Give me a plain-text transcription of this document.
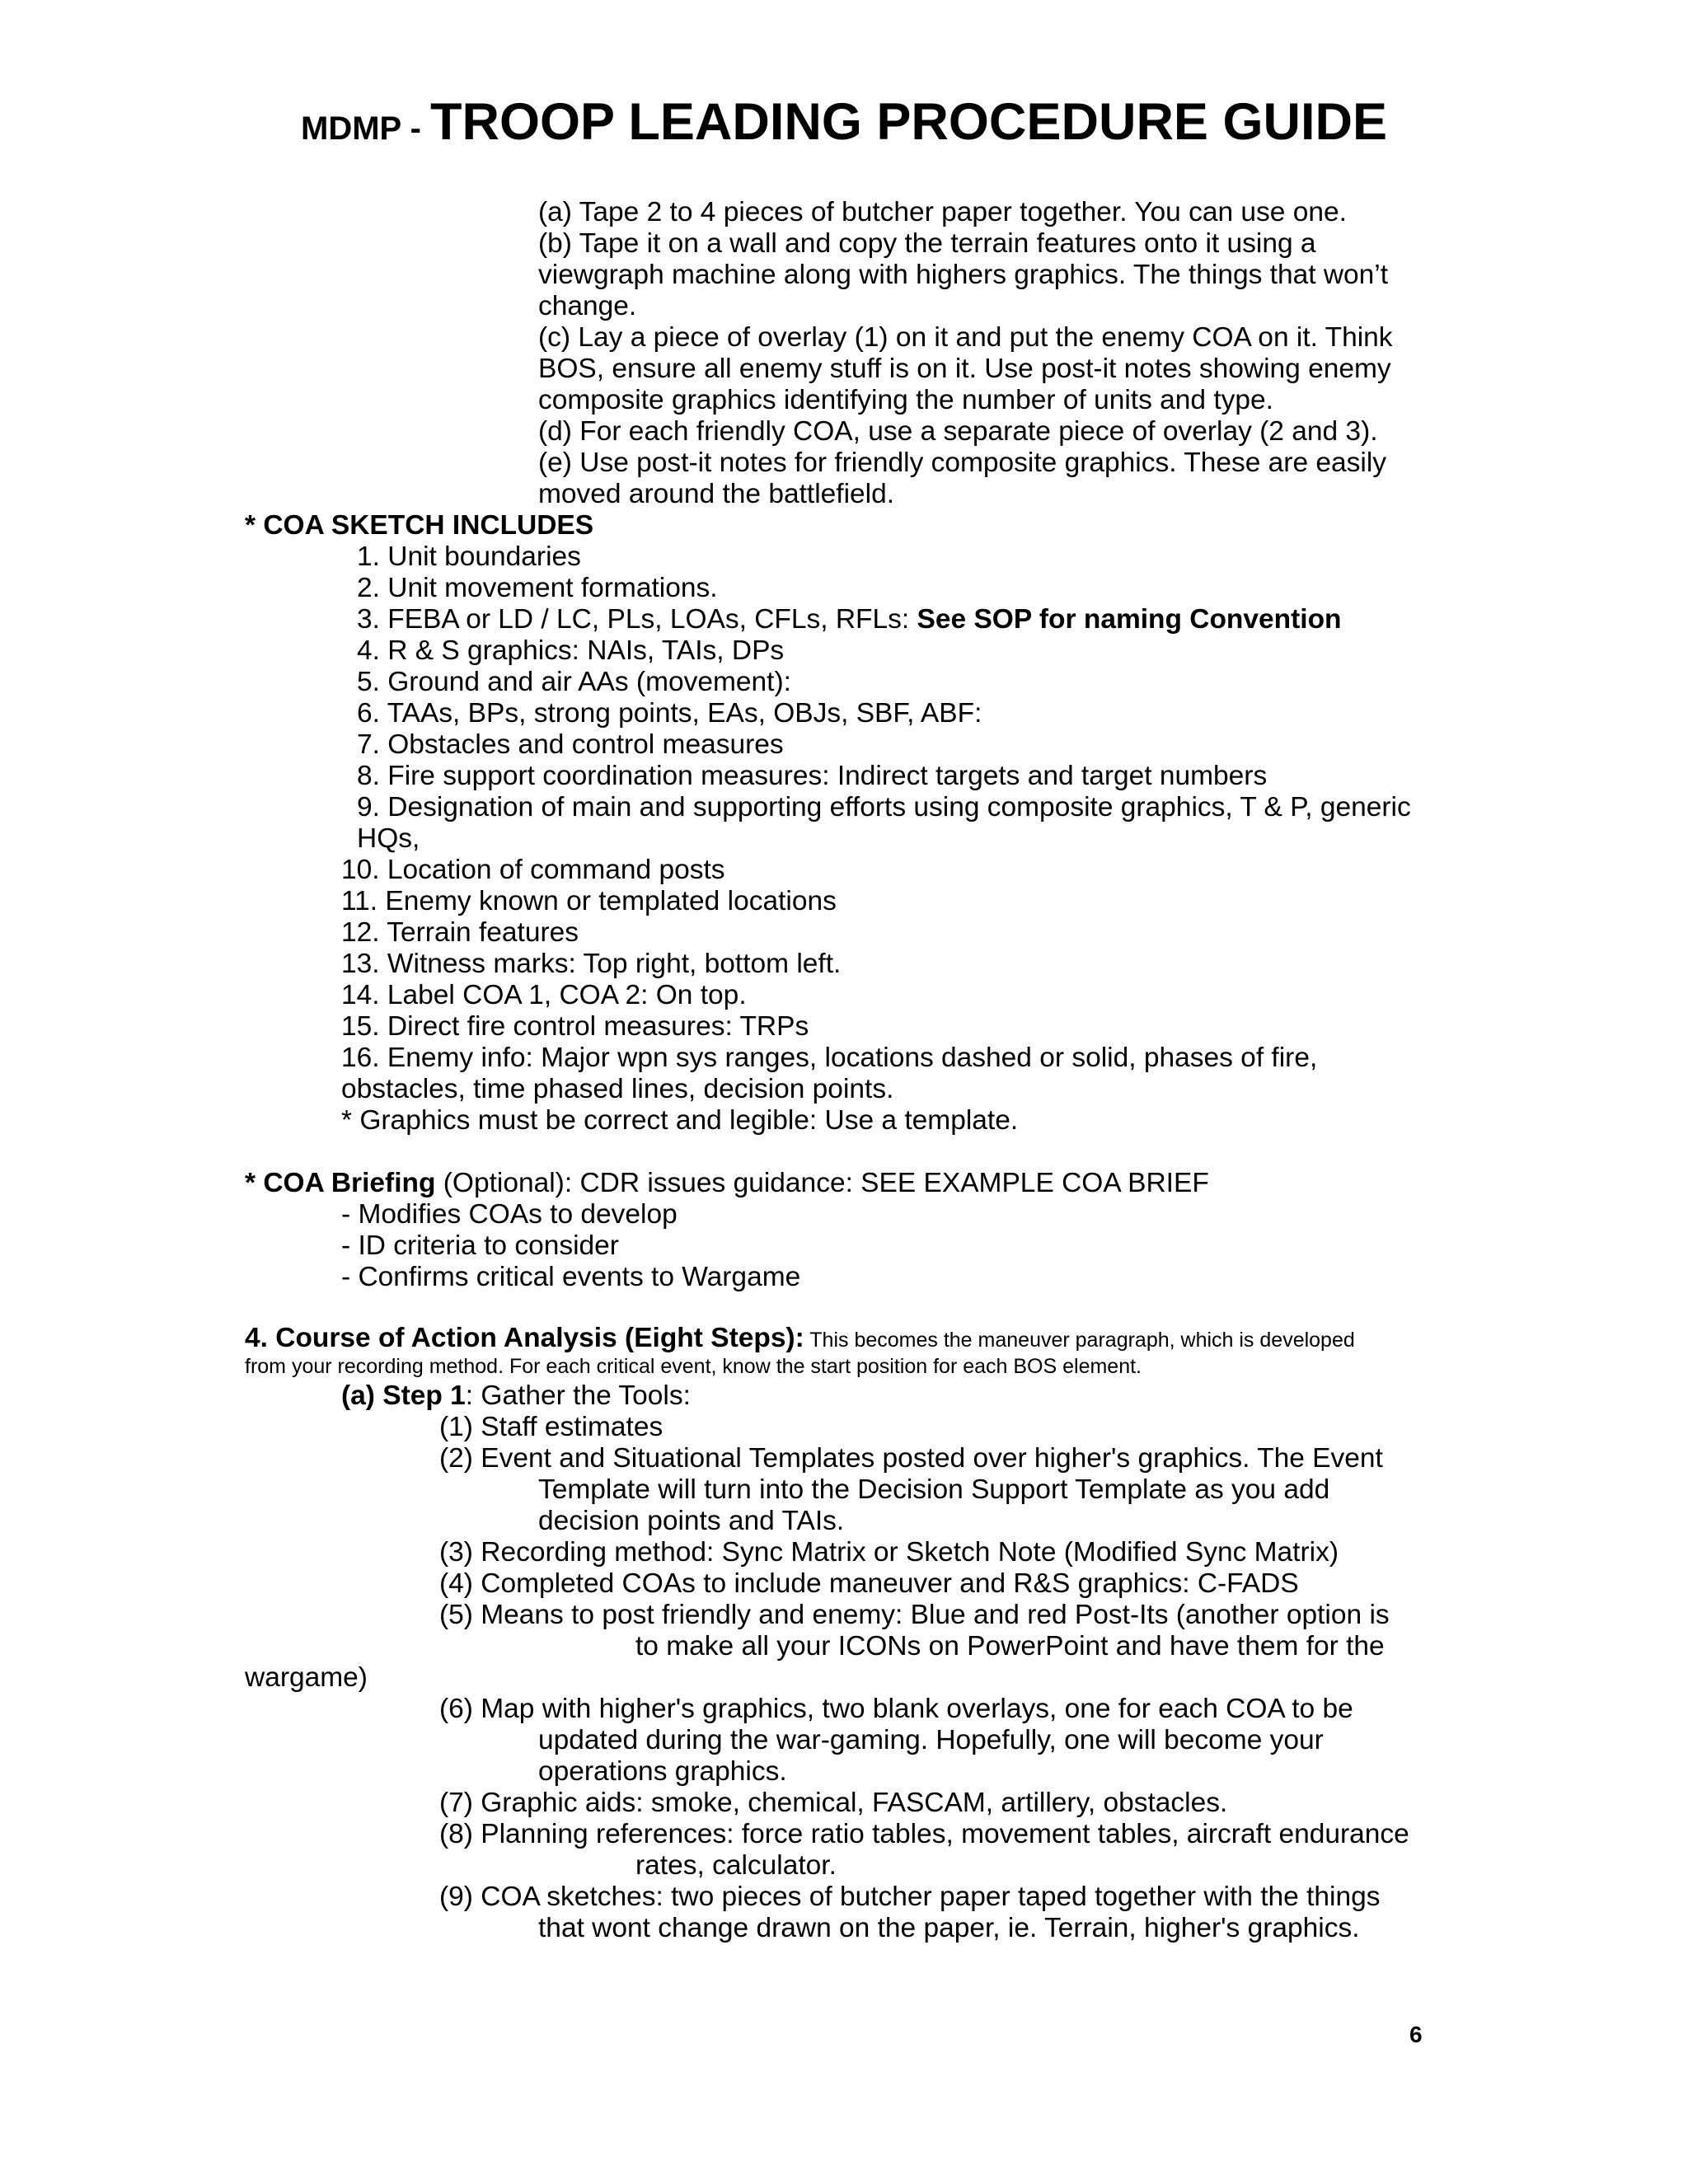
MDMP - TROOP LEADING PROCEDURE GUIDE
(a) Tape 2 to 4 pieces of butcher paper together. You can use one.
(b) Tape it on a wall and copy the terrain features onto it using a
viewgraph machine along with highers graphics. The things that won’t
change.
(c) Lay a piece of overlay (1) on it and put the enemy COA on it. Think
BOS, ensure all enemy stuff is on it. Use post-it notes showing enemy
composite graphics identifying the number of units and type.
(d) For each friendly COA, use a separate piece of overlay (2 and 3).
(e) Use post-it notes for friendly composite graphics. These are easily
moved around the battlefield.
* COA SKETCH INCLUDES
1. Unit boundaries
2. Unit movement formations.
3. FEBA or LD / LC, PLs, LOAs, CFLs, RFLs: See SOP for naming Convention
4. R & S graphics: NAIs, TAIs, DPs
5. Ground and air AAs (movement):
6. TAAs, BPs, strong points, EAs, OBJs, SBF, ABF:
7. Obstacles and control measures
8. Fire support coordination measures: Indirect targets and target numbers
9. Designation of main and supporting efforts using composite graphics, T & P, generic
HQs,
10. Location of command posts
11. Enemy known or templated locations
12. Terrain features
13. Witness marks: Top right, bottom left.
14. Label COA 1, COA 2: On top.
15. Direct fire control measures: TRPs
16. Enemy info: Major wpn sys ranges, locations dashed or solid, phases of fire,
obstacles, time phased lines, decision points.
* Graphics must be correct and legible: Use a template.
* COA Briefing (Optional): CDR issues guidance: SEE EXAMPLE COA BRIEF
- Modifies COAs to develop
- ID criteria to consider
- Confirms critical events to Wargame
4. Course of Action Analysis (Eight Steps): This becomes the maneuver paragraph, which is developed
from your recording method. For each critical event, know the start position for each BOS element.
(a) Step 1: Gather the Tools:
(1) Staff estimates
(2) Event and Situational Templates posted over higher's graphics. The Event
Template will turn into the Decision Support Template as you add
decision points and TAIs.
(3) Recording method: Sync Matrix or Sketch Note (Modified Sync Matrix)
(4) Completed COAs to include maneuver and R&S graphics: C-FADS
(5) Means to post friendly and enemy: Blue and red Post-Its (another option is
to make all your ICONs on PowerPoint and have them for the
wargame)
(6) Map with higher's graphics, two blank overlays, one for each COA to be
updated during the war-gaming. Hopefully, one will become your
operations graphics.
(7) Graphic aids: smoke, chemical, FASCAM, artillery, obstacles.
(8) Planning references: force ratio tables, movement tables, aircraft endurance
rates, calculator.
(9) COA sketches: two pieces of butcher paper taped together with the things
that wont change drawn on the paper, ie. Terrain, higher's graphics.
6
